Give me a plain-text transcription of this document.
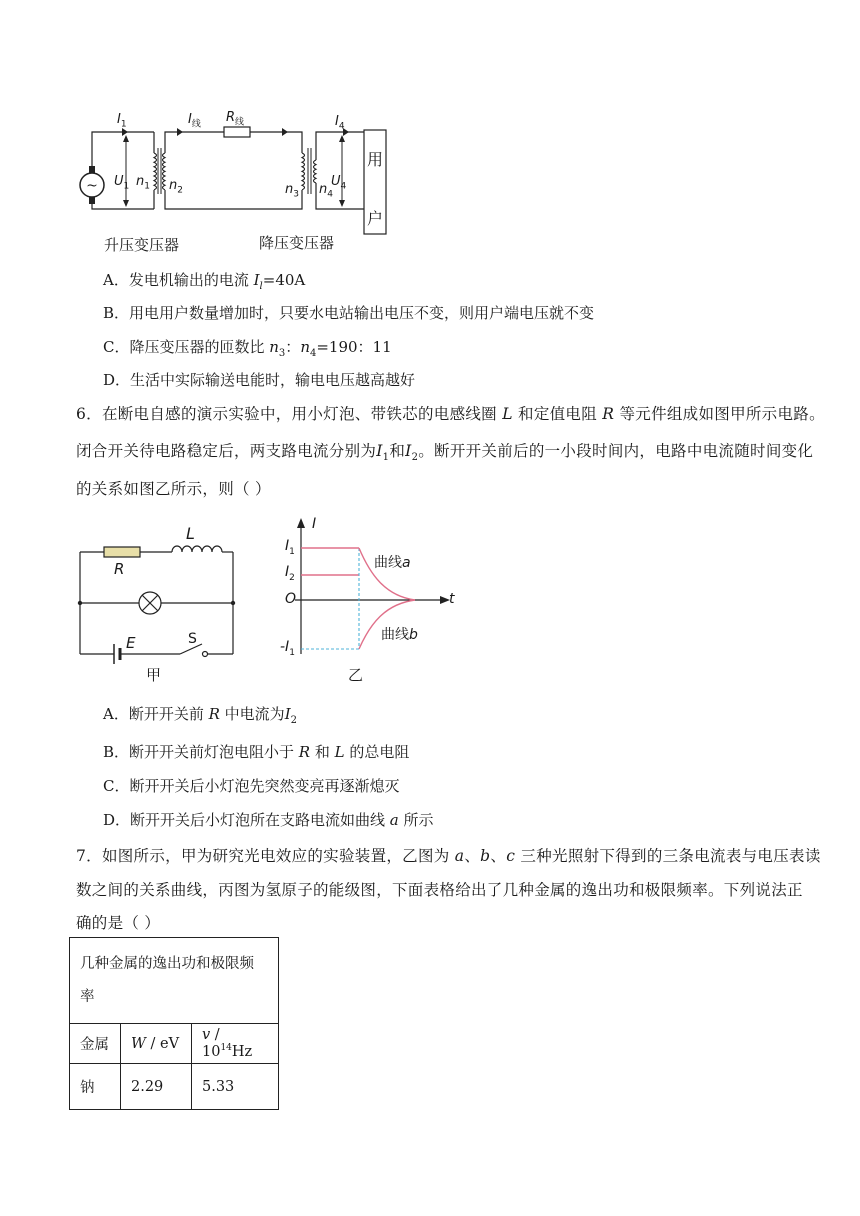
~
$I_1$	$I_线$ $R_线$	$I_4$
$U_1$ $n_1$ $n_2$	$n_3$ $n_4$
$U_4$
用
户
升压变压器	降压变压器
A．发电机输出的电流 $I_l=40A$
B．用电用户数量增加时，只要水电站输出电压不变，则用户端电压就不变
C．降压变压器的匝数比 $n_3$：$n_4=190$：11
D．生活中实际输送电能时，输电电压越高越好
6．在断电自感的演示实验中，用小灯泡、带铁芯的电感线圈 L 和定值电阻 R 等元件组成如图甲所示电路。
闭合开关待电路稳定后，两支路电流分别为$I_1$和$I_2$。断开开关前后的一小段时间内，电路中电流随时间变化
的关系如图乙所示，则（ ）
L
R
E	S
甲
I
t
$I_1$
$I_2$
O
$-I_1$
曲线a
曲线b
乙
A．断开开关前 R 中电流为$I_2$
B．断开开关前灯泡电阻小于 R 和 L 的总电阻
C．断开开关后小灯泡先突然变亮再逐渐熄灭
D．断开开关后小灯泡所在支路电流如曲线 a 所示
7．如图所示，甲为研究光电效应的实验装置，乙图为 a、b、c 三种光照射下得到的三条电流表与电压表读
数之间的关系曲线，丙图为氢原子的能级图，下面表格给出了几种金属的逸出功和极限频率。下列说法正
确的是（ ）
几种金属的逸出功和极限频
率		
金属	W / eV	v / $10^{14}Hz$
钠	2.29	5.33
